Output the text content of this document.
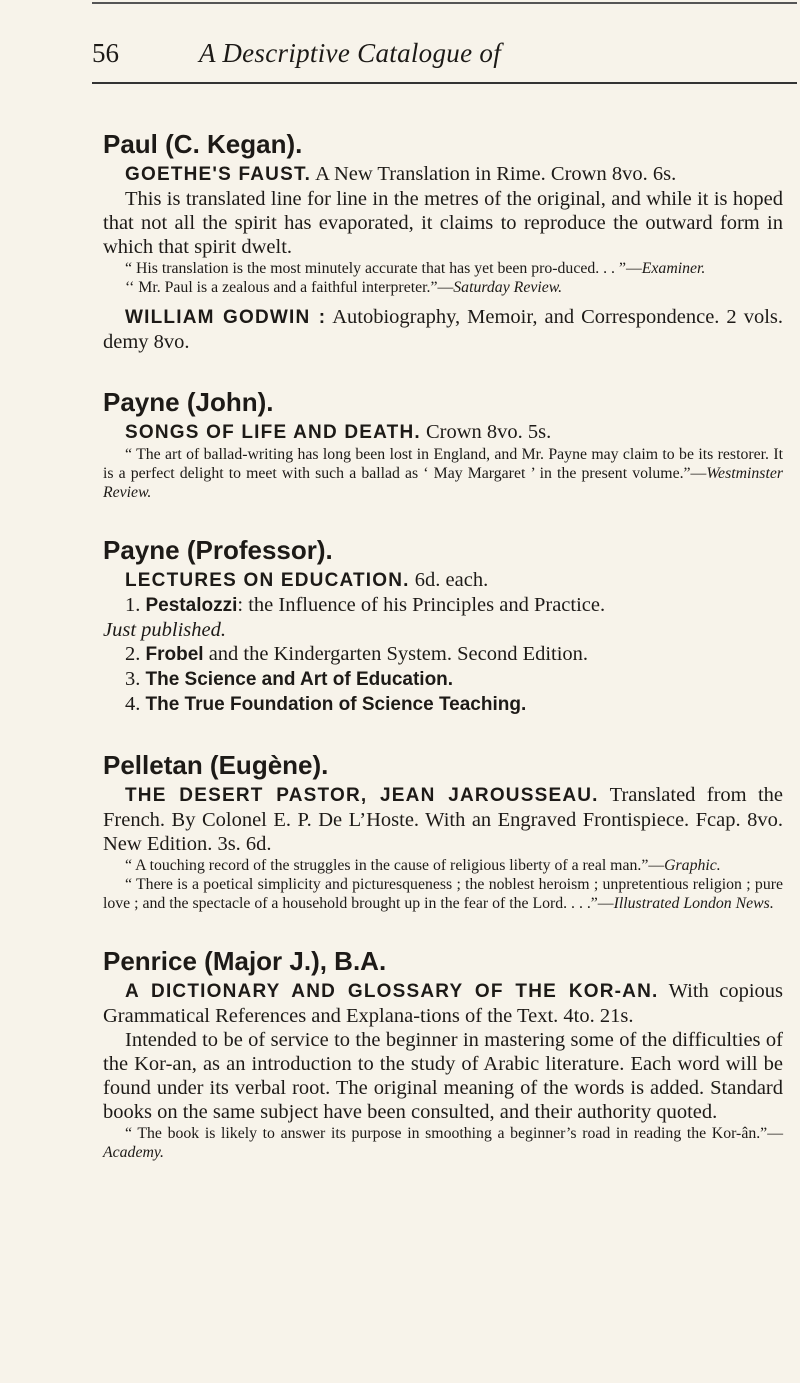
56	A Descriptive Catalogue of
Paul (C. Kegan).

GOETHE'S FAUST. A New Translation in Rime. Crown 8vo. 6s.

This is translated line for line in the metres of the original, and while it is hoped that not all the spirit has evaporated, it claims to reproduce the outward form in which that spirit dwelt.

“ His translation is the most minutely accurate that has yet been pro-duced. . . ”—Examiner.

‘‘ Mr. Paul is a zealous and a faithful interpreter.”—Saturday Review.

WILLIAM GODWIN : Autobiography, Memoir, and Correspondence. 2 vols. demy 8vo.

Payne (John).

SONGS OF LIFE AND DEATH. Crown 8vo. 5s.

“ The art of ballad-writing has long been lost in England, and Mr. Payne may claim to be its restorer. It is a perfect delight to meet with such a ballad as ‘ May Margaret ’ in the present volume.”—Westminster Review.

Payne (Professor).

LECTURES ON EDUCATION. 6d. each.

1. Pestalozzi: the Influence of his Principles and Practice.

Just published.

2. Frobel and the Kindergarten System. Second Edition.

3. The Science and Art of Education.

4. The True Foundation of Science Teaching.

Pelletan (Eugène).

THE DESERT PASTOR, JEAN JAROUSSEAU. Translated from the French. By Colonel E. P. De L’Hoste. With an Engraved Frontispiece. Fcap. 8vo. New Edition. 3s. 6d.

“ A touching record of the struggles in the cause of religious liberty of a real man.”—Graphic.

“ There is a poetical simplicity and picturesqueness ; the noblest heroism ; unpretentious religion ; pure love ; and the spectacle of a household brought up in the fear of the Lord. . . .”—Illustrated London News.

Penrice (Major J.), B.A.

A DICTIONARY AND GLOSSARY OF THE KOR-AN. With copious Grammatical References and Explana-tions of the Text. 4to. 21s.

Intended to be of service to the beginner in mastering some of the difficulties of the Kor-an, as an introduction to the study of Arabic literature. Each word will be found under its verbal root. The original meaning of the words is added. Standard books on the same subject have been consulted, and their authority quoted.

“ The book is likely to answer its purpose in smoothing a beginner’s road in reading the Kor-ân.”—Academy.
